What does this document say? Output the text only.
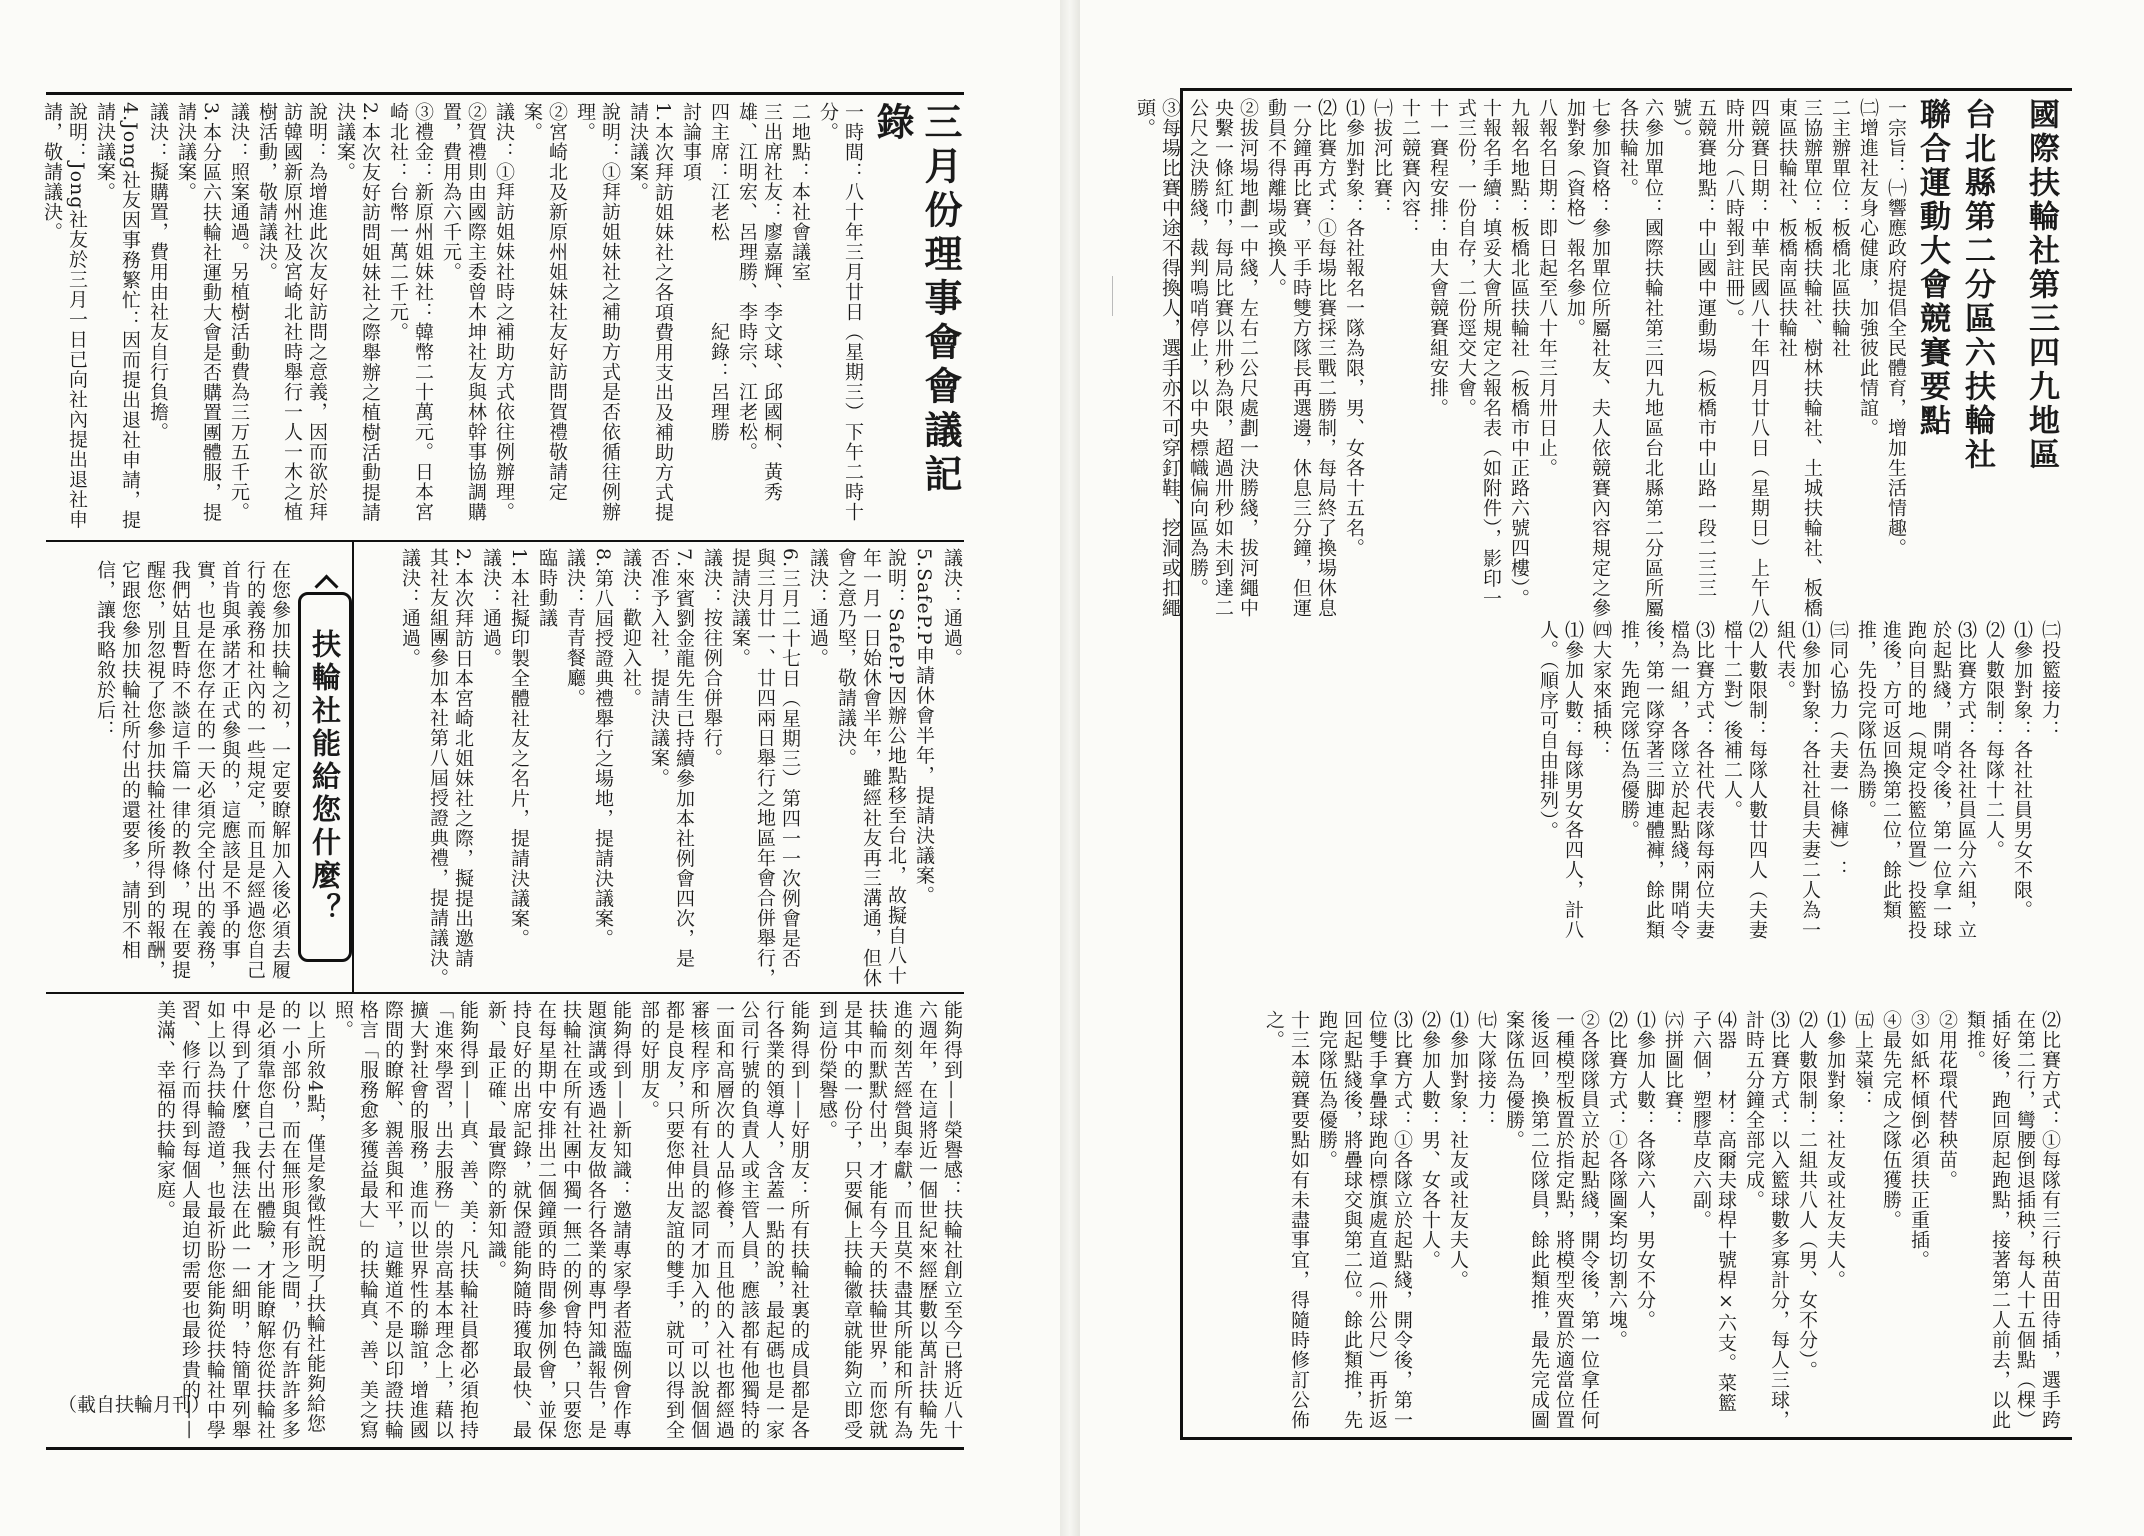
三月份理事會會議記錄

一時間：八十年三月廿日（星期三）下午二時十分。

二地點：本社會議室

三出席社友：廖嘉輝、李文球、邱國桐、黃秀雄、江明宏、呂理勝、李時宗、江老松。

四主席：江老松　　　　紀錄：呂理勝

討論事項

1.本次拜訪姐妹社之各項費用支出及補助方式提請決議案。

說明：①拜訪姐妹社之補助方式是否依循往例辦理。

②宮崎北及新原州姐妹社友好訪問賀禮敬請定案。

議決：①拜訪姐妹社時之補助方式依往例辦理。

②賀禮則由國際主委曾木坤社友與林幹事協調購置，費用為六千元。

③禮金：新原州姐妹社：韓幣二十萬元。日本宮崎北社：台幣一萬二千元。

2.本次友好訪問姐妹社之際舉辦之植樹活動提請決議案。

說明：為增進此次友好訪問之意義，因而欲於拜訪韓國新原州社及宮崎北社時舉行一人一木之植樹活動，敬請議決。

議決：照案通過。另植樹活動費為三万五千元。

3.本分區六扶輪社運動大會是否購置團體服，提請決議案。

議決：擬購置，費用由社友自行負擔。

4.Jong社友因事務繁忙：因而提出退社申請，提請決議案。

說明：Jong社友於三月一日已向社內提出退社申請，敬請議決。

議決：通過。

5.SafeP.P申請休會半年，提請決議案。

說明：SafeP.P因辦公地點移至台北，故擬自八十年一月一日始休會半年，雖經社友再三溝通，但休會之意乃堅，敬請議決。

議決：通過。

6.三月二十七日（星期三）第四一一次例會是否與三月廿一、廿四兩日舉行之地區年會合併舉行，提請決議案。

議決：按往例合併舉行。

7.來賓劉金龍先生已持續參加本社例會四次，是否准予入社，提請決議案。

議決：歡迎入社。

8.第八屆授證典禮舉行之場地，提請決議案。

議決：青青餐廳。

臨時動議

1.本社擬印製全體社友之名片，提請決議案。

議決：通過。

2.本次拜訪日本宮崎北姐妹社之際，擬提出邀請其社友組團參加本社第八屆授證典禮，提請議決。

議決：通過。

扶輪社能給您什麼？

在您參加扶輪之初，一定要瞭解加入後必須去履行的義務和社內的一些規定，而且是經過您自己首肯與承諾才正式參與的，這應該是不爭的事實，也是在您存在的一天必須完全付出的義務，我們姑且暫時不談這千篇一律的教條，現在要提醒您，別忽視了您參加扶輪社後所得到的報酬，它跟您參加扶輪社所付出的還要多，請別不相信，讓我略敘於后：

能夠得到——榮譽感：扶輪社創立至今已將近八十六週年，在這將近一個世紀來經歷數以萬計扶輪先進的刻苦經營與奉獻，而且莫不盡其所能和所有為扶輪而默默付出，才能有今天的扶輪世界，而您就是其中的一份子，只要佩上扶輪徽章就能夠立即受到這份榮譽感。

能夠得到——好朋友：所有扶輪社裏的成員都是各行各業的領導人，含蓋一點的說，最起碼也是一家公司行號的負責人或主管人員，應該都有他獨特的一面和高層次的人品修養，而且他的入社也都經過審核程序和所有社員的認同才加入的，可以說個個都是良友，只要您伸出友誼的雙手，就可以得到全部的好朋友。

能夠得到——新知識：邀請專家學者蒞臨例會作專題演講或透過社友做各行各業的專門知識報告，是扶輪社在所有社團中獨一無二的例會特色，只要您在每星期中安排出二個鐘頭的時間參加例會，並保持良好的出席記錄，就保證能夠隨時獲取最快、最新、最正確、最實際的新知識。

能夠得到——真、善、美：凡扶輪社員都必須抱持「進來學習，出去服務」的崇高基本理念上，藉以擴大對社會的服務，進而以世界性的聯誼，增進國際間的瞭解、親善與和平，這難道不是以印證扶輪格言「服務愈多獲益最大」的扶輪真、善、美之寫照。

以上所敘4點，僅是象徵性說明了扶輪社能夠給您的一小部份，而在無形與有形之間，仍有許許多多是必須靠您自己去付出體驗，才能瞭解您從扶輪社中得到了什麼，我無法在此一一細明，特簡單列舉如上以為扶輪證道，也最祈盼您能夠從扶輪社中學習、修行而得到每個人最迫切需要也最珍貴的——美滿、幸福的扶輪家庭。

（載自扶輪月刊）

國際扶輪社第三四九地區

台北縣第二分區六扶輪社

聯合運動大會競賽要點

一宗旨：㈠響應政府提倡全民體育，增加生活情趣。

㈡增進社友身心健康，加強彼此情誼。

二主辦單位：板橋北區扶輪社

三協辦單位：板橋扶輪社、樹林扶輪社、土城扶輪社、板橋東區扶輪社、板橋南區扶輪社

四競賽日期：中華民國八十年四月廿八日（星期日）上午八時卅分（八時報到註冊）。

五競賽地點：中山國中運動場（板橋市中山路一段二三三號）。

六參加單位：國際扶輪社第三四九地區台北縣第二分區所屬各扶輪社。

七參加資格：參加單位所屬社友、夫人依競賽內容規定之參加對象（資格）報名參加。

八報名日期：即日起至八十年三月卅日止。

九報名地點：板橋北區扶輪社（板橋市中正路六號四樓）。

十報名手續：填妥大會所規定之報名表（如附件），影印一式三份，一份自存，二份逕交大會。

十一賽程安排：由大會競賽組安排。

十二競賽內容：

㈠拔河比賽：

⑴參加對象：各社報名一隊為限，男、女各十五名。

⑵比賽方式：①每場比賽採三戰二勝制，每局終了換場休息一分鐘再比賽，平手時雙方隊長再選邊，休息三分鐘，但運動員不得離場或換人。

②拔河場地劃一中綫，左右二公尺處劃一決勝綫，拔河繩中央繫一條紅巾，每局比賽以卅秒為限，超過卅秒如未到達二公尺之決勝綫，裁判鳴哨停止，以中央標幟偏向區為勝。

③每場比賽中途不得換人，選手亦不可穿釘鞋、挖洞或扣繩頭。

㈡投籃接力：

⑴參加對象：各社社員男女不限。

⑵人數限制：每隊十二人。

⑶比賽方式：各社社員區分六組，立於起點綫，開哨令後，第一位拿一球跑向目的地（規定投籃位置）投籃投進後，方可返回換第二位，餘此類推，先投完隊伍為勝。

㈢同心協力（夫妻一條褲）：

⑴參加對象：各社社員夫妻二人為一組代表。

⑵人數限制：每隊人數廿四人（夫妻檔十二對）後補二人。

⑶比賽方式：各社代表隊每兩位夫妻檔為一組，各隊立於起點綫，開哨令後，第一隊穿著三脚連體褲，餘此類推，先跑完隊伍為優勝。

㈣大家來插秧：

⑴參加人數：每隊男女各四人，計八人。（順序可自由排列）。

⑵比賽方式：①每隊有三行秧苗田待插，選手跨在第二行，彎腰倒退插秧，每人十五個點（棵）插好後，跑回原起跑點，接著第二人前去，以此類推。

②用花環代替秧苗。

③如紙杯傾倒必須扶正重插。

④最先完成之隊伍獲勝。

㈤上菜嶺：

⑴參加對象：社友或社友夫人。

⑵人數限制：二組共八人（男、女不分）。

⑶比賽方式：以入籃球數多寡計分，每人三球，計時五分鐘全部完成。

⑷器　　材：高爾夫球桿十號桿×六支。菜籃子六個，塑膠草皮六副。

㈥拼圖比賽：

⑴參加人數：各隊六人，男女不分。

⑵比賽方式：①各隊圖案均切割六塊。

②各隊隊員立於起點綫，開令後，第一位拿任何一種模型板置於指定點，將模型夾置於適當位置後返回，換第二位隊員，餘此類推，最先完成圖案隊伍為優勝。

㈦大隊接力：

⑴參加對象：社友或社友夫人。

⑵參加人數：男、女各十人。

⑶比賽方式：①各隊立於起點綫，開令後，第一位雙手拿疊球跑向標旗處直道（卅公尺）再折返回起點綫後，將疊球交與第二位。餘此類推，先跑完隊伍為優勝。

十三本競賽要點如有未盡事宜，得隨時修訂公佈之。
